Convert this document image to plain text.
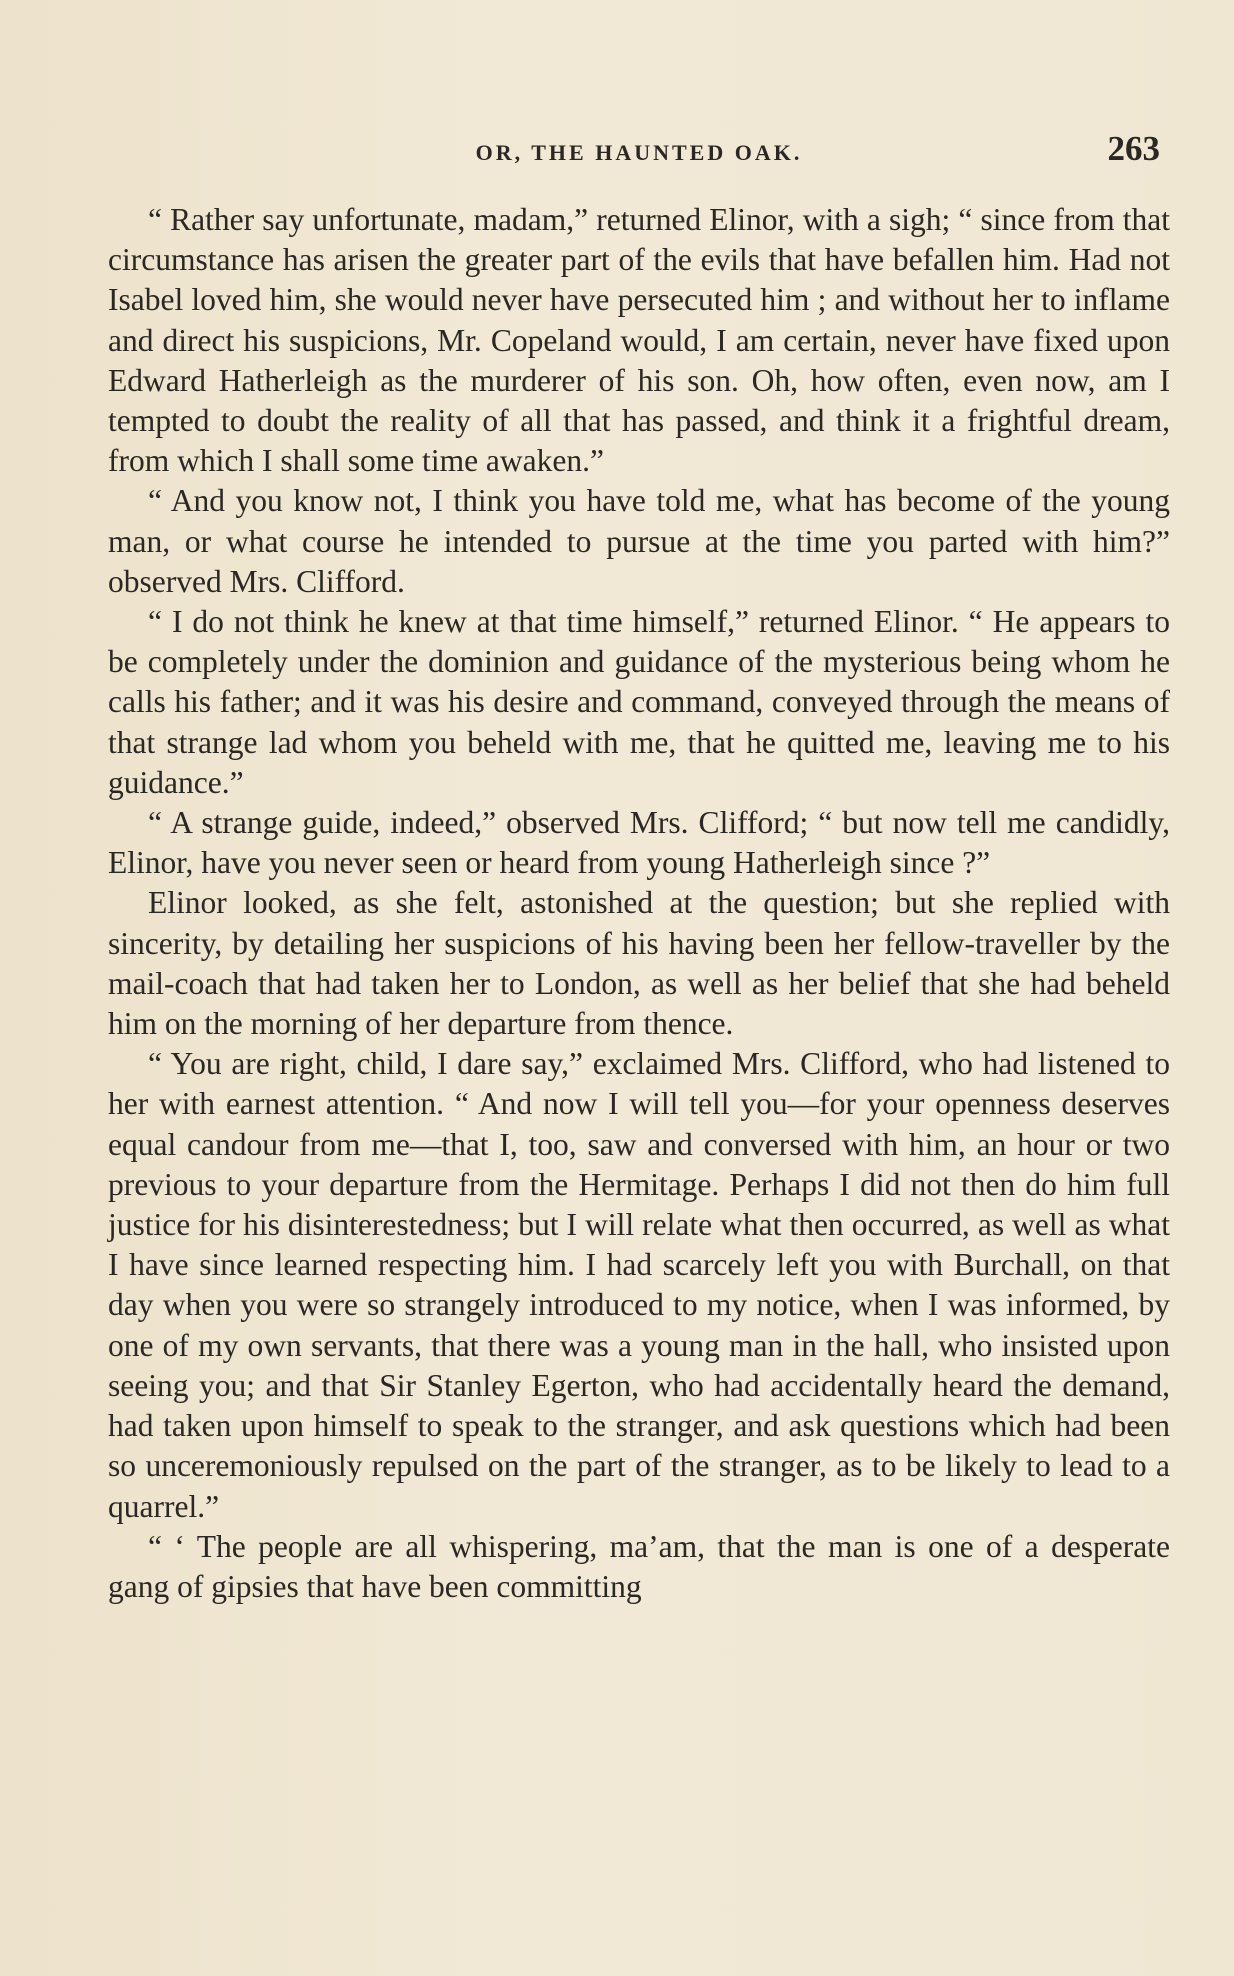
OR, THE HAUNTED OAK.	263

“ Rather say unfortunate, madam,” returned Elinor, with a sigh; “ since from that circumstance has arisen the greater part of the evils that have befallen him. Had not Isabel loved him, she would never have persecuted him ; and without her to inflame and direct his suspicions, Mr. Copeland would, I am certain, never have fixed upon Edward Hatherleigh as the murderer of his son. Oh, how often, even now, am I tempted to doubt the reality of all that has passed, and think it a frightful dream, from which I shall some time awaken.”

“ And you know not, I think you have told me, what has become of the young man, or what course he intended to pursue at the time you parted with him?” observed Mrs. Clifford.

“ I do not think he knew at that time himself,” returned Elinor. “ He appears to be completely under the dominion and guidance of the mysterious being whom he calls his father; and it was his desire and command, conveyed through the means of that strange lad whom you beheld with me, that he quitted me, leaving me to his guidance.”

“ A strange guide, indeed,” observed Mrs. Clifford; “ but now tell me candidly, Elinor, have you never seen or heard from young Hatherleigh since ?”

Elinor looked, as she felt, astonished at the question; but she replied with sincerity, by detailing her suspicions of his having been her fellow-traveller by the mail-coach that had taken her to London, as well as her belief that she had beheld him on the morning of her departure from thence.

“ You are right, child, I dare say,” exclaimed Mrs. Clifford, who had listened to her with earnest attention. “ And now I will tell you—for your openness deserves equal candour from me—that I, too, saw and conversed with him, an hour or two previous to your departure from the Hermitage. Perhaps I did not then do him full justice for his disinterestedness; but I will relate what then occurred, as well as what I have since learned respecting him. I had scarcely left you with Burchall, on that day when you were so strangely introduced to my notice, when I was informed, by one of my own servants, that there was a young man in the hall, who insisted upon seeing you; and that Sir Stanley Egerton, who had accidentally heard the demand, had taken upon himself to speak to the stranger, and ask questions which had been so unceremoniously repulsed on the part of the stranger, as to be likely to lead to a quarrel.”

“ ‘ The people are all whispering, ma’am, that the man is one of a desperate gang of gipsies that have been committing
